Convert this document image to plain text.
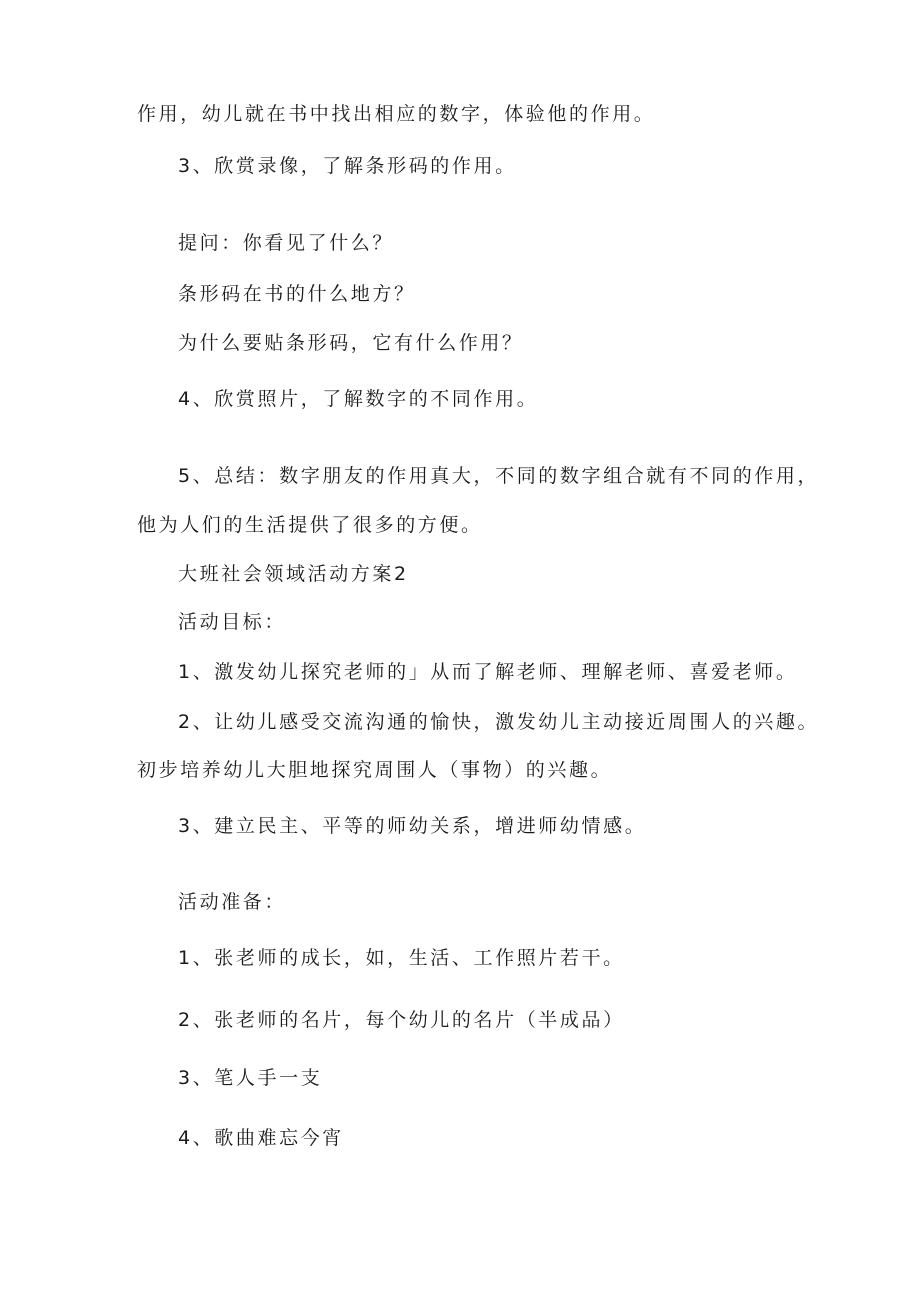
作用，幼儿就在书中找出相应的数字，体验他的作用。

3、欣赏录像，了解条形码的作用。

提问：你看见了什么？

条形码在书的什么地方？

为什么要贴条形码，它有什么作用？

4、欣赏照片，了解数字的不同作用。

5、总结：数字朋友的作用真大，不同的数字组合就有不同的作用，

他为人们的生活提供了很多的方便。

大班社会领域活动方案2

活动目标：

1、激发幼儿探究老师的」从而了解老师、理解老师、喜爱老师。

2、让幼儿感受交流沟通的愉快，激发幼儿主动接近周围人的兴趣。

初步培养幼儿大胆地探究周围人（事物）的兴趣。

3、建立民主、平等的师幼关系，增进师幼情感。

活动准备：

1、张老师的成长，如，生活、工作照片若干。

2、张老师的名片，每个幼儿的名片（半成品）

3、笔人手一支

4、歌曲难忘今宵
